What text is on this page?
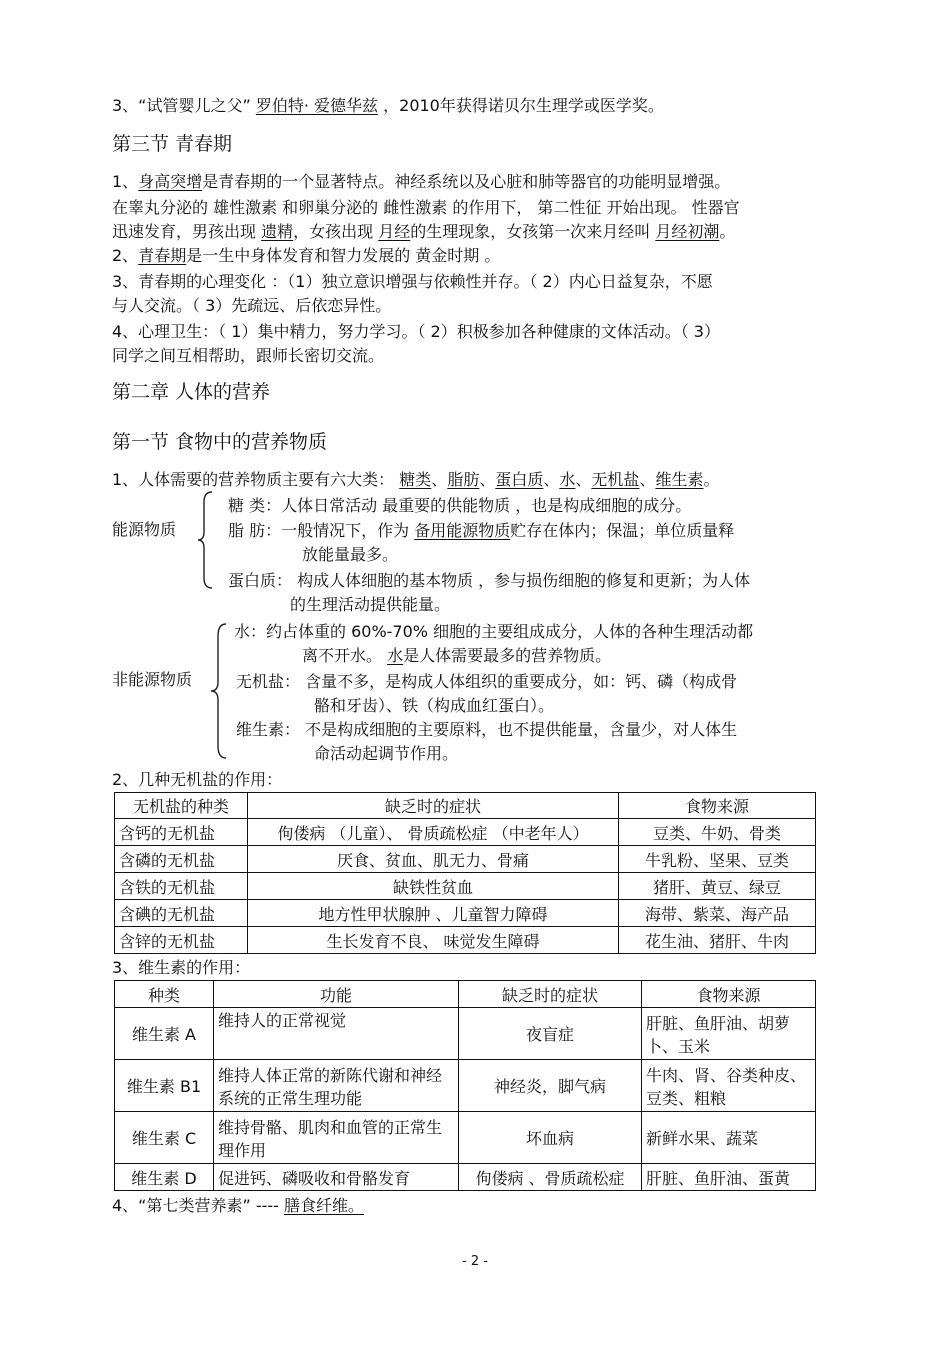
3、“试管婴儿之父” 罗伯特· 爱德华兹 ，2010年获得诺贝尔生理学或医学奖。
第三节 青春期
1、身高突增是青春期的一个显著特点。神经系统以及心脏和肺等器官的功能明显增强。
在睾丸分泌的 雄性激素 和卵巢分泌的 雌性激素 的作用下， 第二性征 开始出现。 性器官
迅速发育，男孩出现 遗精，女孩出现 月经的生理现象，女孩第一次来月经叫 月经初潮。
2、青春期是一生中身体发育和智力发展的 黄金时期 。
3、青春期的心理变化 ：（1）独立意识增强与依赖性并存。（ 2）内心日益复杂，不愿
与人交流。（ 3）先疏远、后依恋异性。
4、心理卫生：（ 1）集中精力，努力学习。（ 2）积极参加各种健康的文体活动。（ 3）
同学之间互相帮助，跟师长密切交流。
第二章 人体的营养
第一节 食物中的营养物质
1、人体需要的营养物质主要有六大类： 糖类、脂肪、蛋白质、水、无机盐、维生素。
能源物质
糖 类：人体日常活动 最重要的供能物质 ，也是构成细胞的成分。
脂 肪：一般情况下，作为 备用能源物质贮存在体内；保温；单位质量释
放能量最多。
蛋白质： 构成人体细胞的基本物质 ，参与损伤细胞的修复和更新；为人体
的生理活动提供能量。
非能源物质
水：约占体重的 60%-70% 细胞的主要组成成分，人体的各种生理活动都
离不开水。 水是人体需要最多的营养物质。
无机盐： 含量不多，是构成人体组织的重要成分，如：钙、磷（构成骨
骼和牙齿）、铁（构成血红蛋白）。
维生素： 不是构成细胞的主要原料，也不提供能量，含量少，对人体生
命活动起调节作用。
2、几种无机盐的作用：
无机盐的种类	缺乏时的症状	食物来源
含钙的无机盐	佝偻病 （儿童）、 骨质疏松症 （中老年人）	豆类、牛奶、骨类
含磷的无机盐	厌食、贫血、肌无力、骨痛	牛乳粉、坚果、豆类
含铁的无机盐	缺铁性贫血	猪肝、黄豆、绿豆
含碘的无机盐	地方性甲状腺肿 、儿童智力障碍	海带、紫菜、海产品
含锌的无机盐	生长发育不良、 味觉发生障碍	花生油、猪肝、牛肉
3、维生素的作用：
种类	功能	缺乏时的症状	食物来源
维生素 A	维持人的正常视觉	夜盲症	肝脏、鱼肝油、胡萝卜、玉米
维生素 B1	维持人体正常的新陈代谢和神经系统的正常生理功能	神经炎，脚气病	牛肉、肾、谷类种皮、豆类、粗粮
维生素 C	维持骨骼、肌肉和血管的正常生理作用	坏血病	新鲜水果、蔬菜
维生素 D	促进钙、磷吸收和骨骼发育	佝偻病 、骨质疏松症	肝脏、鱼肝油、蛋黄
4、“第七类营养素” ---- 膳食纤维。
- 2 -
